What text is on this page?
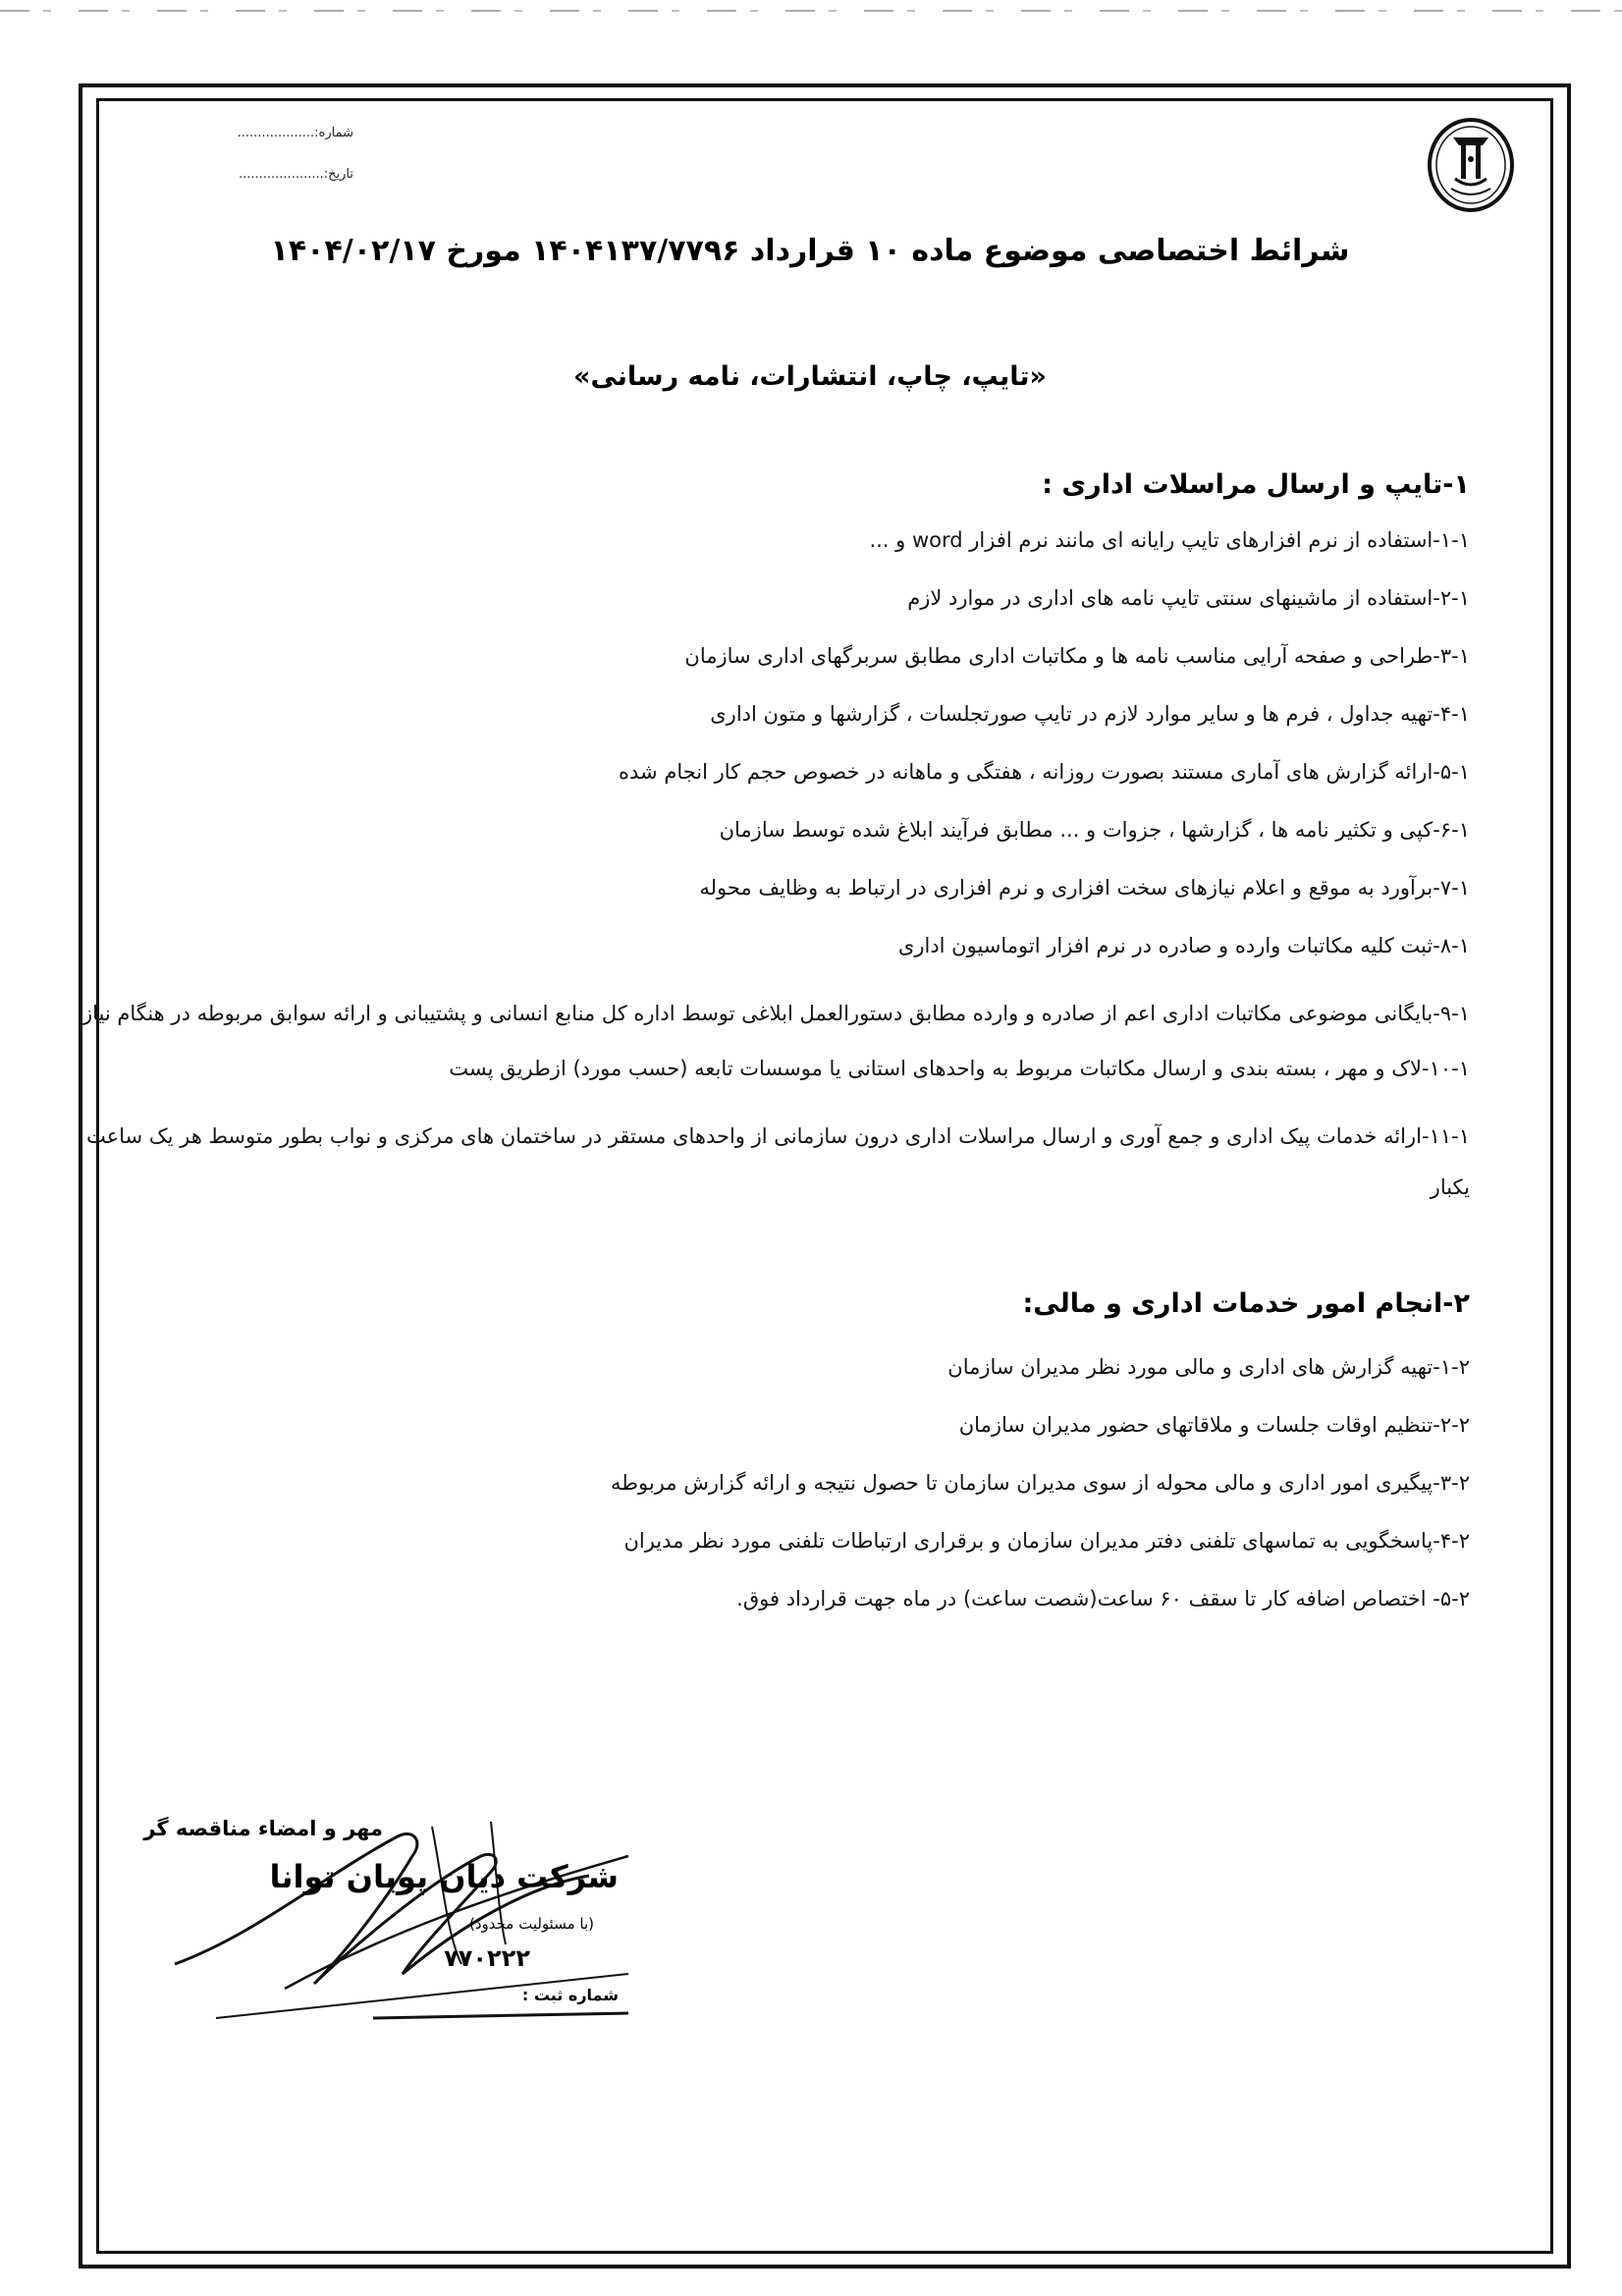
شماره:...................
تاریخ:.....................
شرائط اختصاصی موضوع ماده ۱۰ قرارداد ۱۴۰۴۱۳۷/۷۷۹۶ مورخ ۱۴۰۴/۰۲/۱۷
«تایپ، چاپ، انتشارات، نامه رسانی»
۱-تایپ و ارسال مراسلات اداری :
۱-۱-استفاده از نرم افزارهای تایپ رایانه ای مانند نرم افزار word و ...
۲-۱-استفاده از ماشینهای سنتی تایپ نامه های اداری در موارد لازم
۳-۱-طراحی و صفحه آرایی مناسب نامه ها و مکاتبات اداری مطابق سربرگهای اداری سازمان
۴-۱-تهیه جداول ، فرم ها و سایر موارد لازم در تایپ صورتجلسات ، گزارشها و متون اداری
۵-۱-ارائه گزارش های آماری مستند بصورت روزانه ، هفتگی و ماهانه در خصوص حجم کار انجام شده
۶-۱-کپی و تکثیر نامه ها ، گزارشها ، جزوات و ... مطابق فرآیند ابلاغ شده توسط سازمان
۷-۱-برآورد به موقع و اعلام نیازهای سخت افزاری و نرم افزاری در ارتباط به وظایف محوله
۸-۱-ثبت کلیه مکاتبات وارده و صادره در نرم افزار اتوماسیون اداری
۹-۱-بایگانی موضوعی مکاتبات اداری اعم از صادره و وارده مطابق دستورالعمل ابلاغی توسط اداره کل منابع انسانی و پشتیبانی و ارائه سوابق مربوطه در هنگام نیاز
۱۰-۱-لاک و مهر ، بسته بندی و ارسال مکاتبات مربوط به واحدهای استانی یا موسسات تابعه (حسب مورد) ازطریق پست
۱۱-۱-ارائه خدمات پیک اداری و جمع آوری و ارسال مراسلات اداری درون سازمانی از واحدهای مستقر در ساختمان های مرکزی و نواب بطور متوسط هر یک ساعت یکبار
۲-انجام امور خدمات اداری و مالی:
۱-۲-تهیه گزارش های اداری و مالی مورد نظر مدیران سازمان
۲-۲-تنظیم اوقات جلسات و ملاقاتهای حضور مدیران سازمان
۳-۲-پیگیری امور اداری و مالی محوله از سوی مدیران سازمان تا حصول نتیجه و ارائه گزارش مربوطه
۴-۲-پاسخگویی به تماسهای تلفنی دفتر مدیران سازمان و برقراری ارتباطات تلفنی مورد نظر مدیران
۵-۲- اختصاص اضافه کار تا سقف ۶۰ ساعت(شصت ساعت) در ماه جهت قرارداد فوق.
مهر و امضاء مناقصه گر
شرکت دیان پویان توانا
(با مسئولیت محدود)
۷۷۰۲۲۲
شماره ثبت :
